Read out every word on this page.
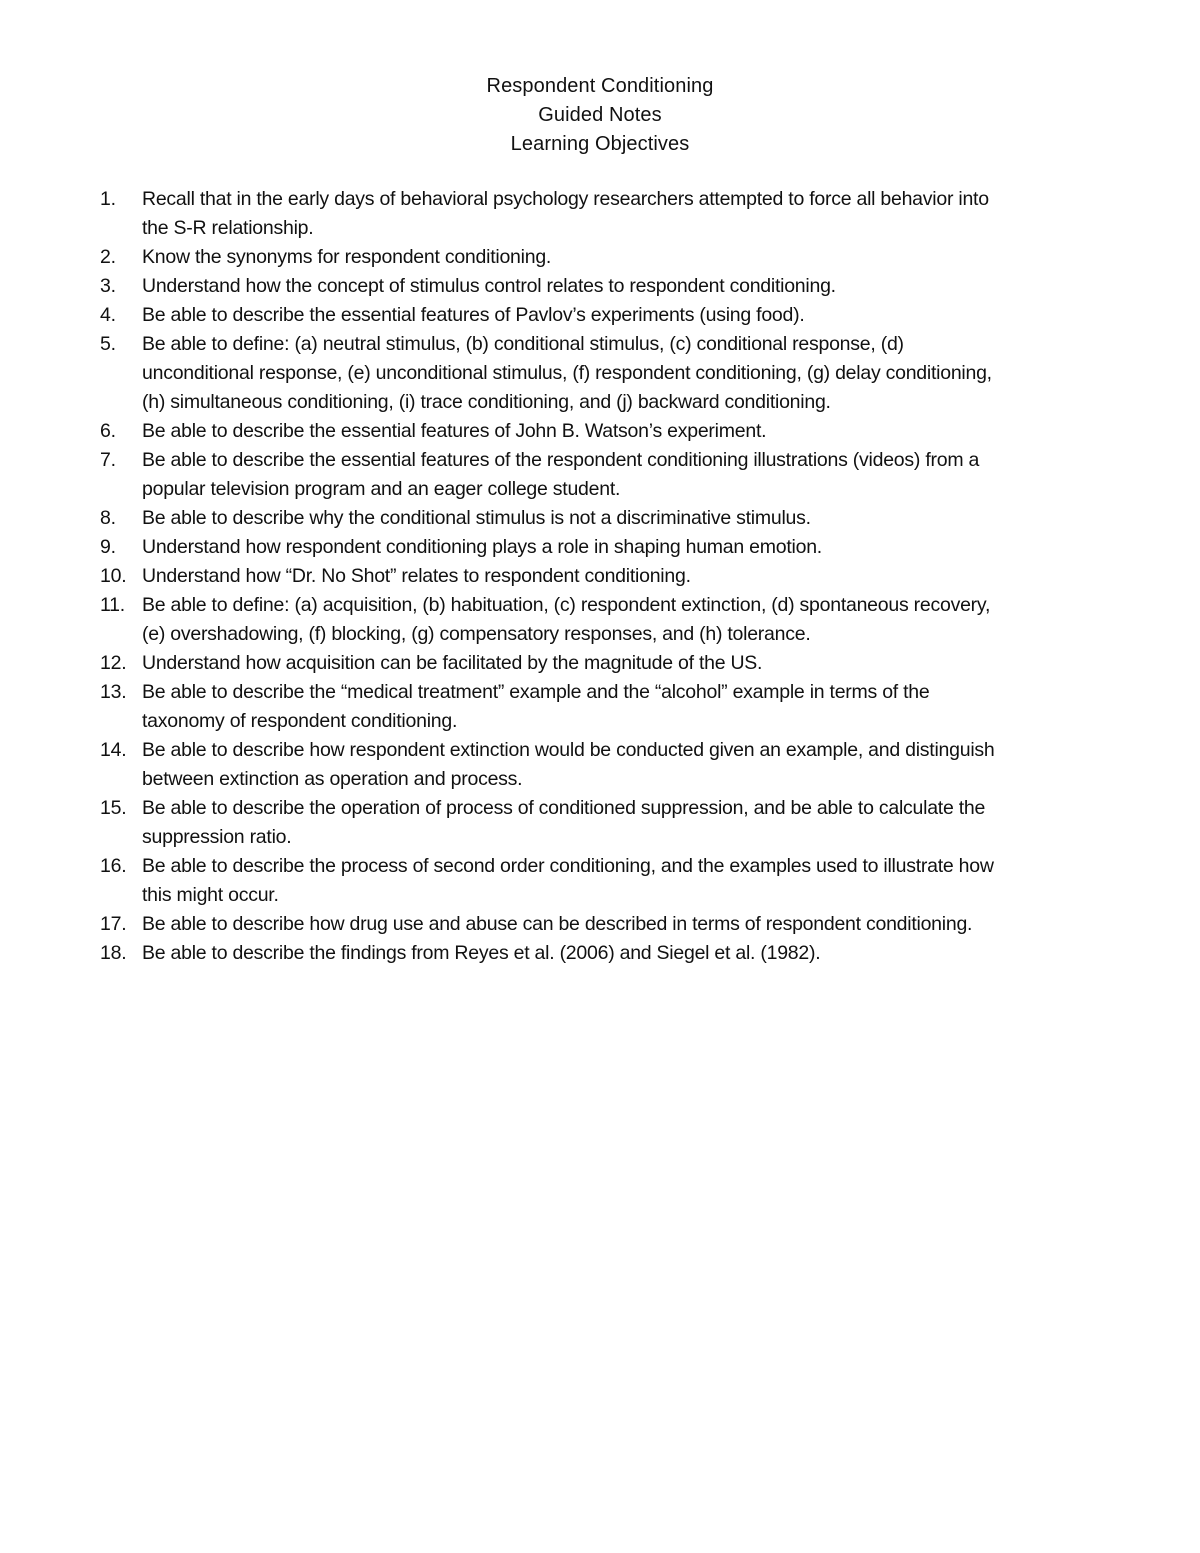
Respondent Conditioning
Guided Notes
Learning Objectives
1.	Recall that in the early days of behavioral psychology researchers attempted to force all behavior into
the S-R relationship.
2.	Know the synonyms for respondent conditioning.
3.	Understand how the concept of stimulus control relates to respondent conditioning.
4.	Be able to describe the essential features of Pavlov’s experiments (using food).
5.	Be able to define: (a) neutral stimulus, (b) conditional stimulus, (c) conditional response, (d)
unconditional response, (e) unconditional stimulus, (f) respondent conditioning, (g) delay conditioning,
(h) simultaneous conditioning, (i) trace conditioning, and (j) backward conditioning.
6.	Be able to describe the essential features of John B. Watson’s experiment.
7.	Be able to describe the essential features of the respondent conditioning illustrations (videos) from a
popular television program and an eager college student.
8.	Be able to describe why the conditional stimulus is not a discriminative stimulus.
9.	Understand how respondent conditioning plays a role in shaping human emotion.
10. Understand how “Dr. No Shot” relates to respondent conditioning.
11. Be able to define: (a) acquisition, (b) habituation, (c) respondent extinction, (d) spontaneous recovery,
(e) overshadowing, (f) blocking, (g) compensatory responses, and (h) tolerance.
12. Understand how acquisition can be facilitated by the magnitude of the US.
13. Be able to describe the “medical treatment” example and the “alcohol” example in terms of the
taxonomy of respondent conditioning.
14. Be able to describe how respondent extinction would be conducted given an example, and distinguish
between extinction as operation and process.
15. Be able to describe the operation of process of conditioned suppression, and be able to calculate the
suppression ratio.
16. Be able to describe the process of second order conditioning, and the examples used to illustrate how
this might occur.
17. Be able to describe how drug use and abuse can be described in terms of respondent conditioning.
18. Be able to describe the findings from Reyes et al. (2006) and Siegel et al. (1982).
